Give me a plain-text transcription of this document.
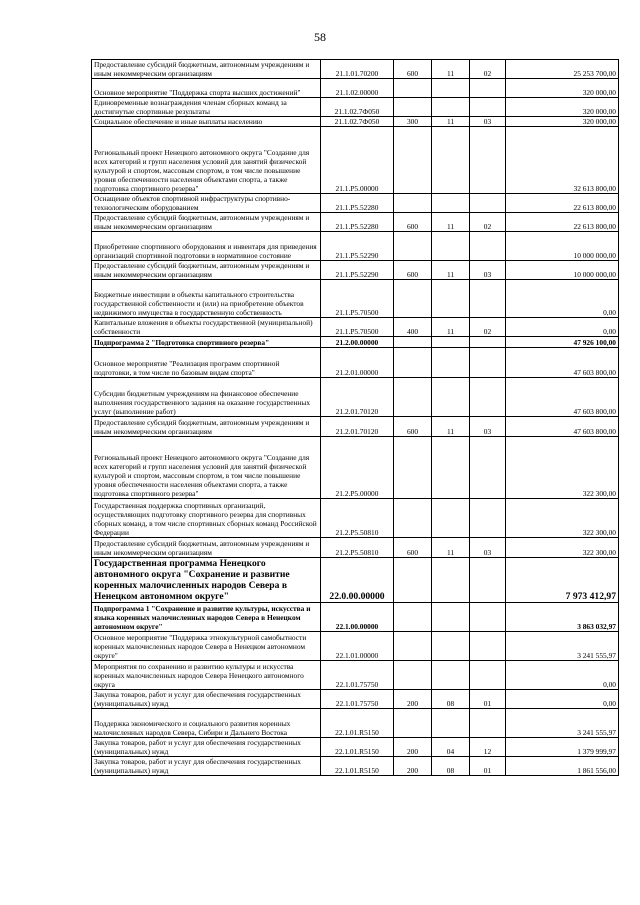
58
Предоставление субсидий бюджетным, автономным учреждениям и иным некоммерческим организациям	21.1.01.70200	600	11	02	25 253 700,00
Основное мероприятие "Поддержка спорта высших достижений"	21.1.02.00000				320 000,00
Единовременные вознаграждения членам сборных команд за достигнутые спортивные результаты	21.1.02.7Ф050				320 000,00
Социальное обеспечение и иные выплаты населению	21.1.02.7Ф050	300	11	03	320 000,00
Региональный проект Ненецкого автономного округа "Создание для всех категорий и групп населения условий для занятий физической культурой и спортом, массовым спортом, в том числе повышение уровня обеспеченности населения объектами спорта, а также подготовка спортивного резерва"	21.1.P5.00000				32 613 800,00
Оснащение объектов спортивной инфраструктуры спортивно-технологическим оборудованием	21.1.P5.52280				22 613 800,00
Предоставление субсидий бюджетным, автономным учреждениям и иным некоммерческим организациям	21.1.P5.52280	600	11	02	22 613 800,00
Приобретение спортивного оборудования и инвентаря для приведения организаций спортивной подготовки в нормативное состояние	21.1.P5.52290				10 000 000,00
Предоставление субсидий бюджетным, автономным учреждениям и иным некоммерческим организациям	21.1.P5.52290	600	11	03	10 000 000,00
Бюджетные инвестиции в объекты капитального строительства государственной собственности и (или) на приобретение объектов недвижимого имущества в государственную собственность	21.1.P5.70500				0,00
Капитальные вложения в объекты государственной (муниципальной) собственности	21.1.P5.70500	400	11	02	0,00
Подпрограмма 2 "Подготовка спортивного резерва"	21.2.00.00000				47 926 100,00
Основное мероприятие "Реализация программ спортивной подготовки, в том числе по базовым видам спорта"	21.2.01.00000				47 603 800,00
Субсидии бюджетным учреждениям на финансовое обеспечение выполнения государственного задания на оказание государственных услуг (выполнение работ)	21.2.01.70120				47 603 800,00
Предоставление субсидий бюджетным, автономным учреждениям и иным некоммерческим организациям	21.2.01.70120	600	11	03	47 603 800,00
Региональный проект Ненецкого автономного округа "Создание для всех категорий и групп населения условий для занятий физической культурой и спортом, массовым спортом, в том числе повышение уровня обеспеченности населения объектами спорта, а также подготовка спортивного резерва"	21.2.P5.00000				322 300,00
Государственная поддержка спортивных организаций, осуществляющих подготовку спортивного резерва для спортивных сборных команд, в том числе спортивных сборных команд Российской Федерации	21.2.P5.50810				322 300,00
Предоставление субсидий бюджетным, автономным учреждениям и иным некоммерческим организациям	21.2.P5.50810	600	11	03	322 300,00
Государственная программа Ненецкого автономного округа "Сохранение и развитие коренных малочисленных народов Севера в Ненецком автономном округе"	22.0.00.00000				7 973 412,97
Подпрограмма 1 "Сохранение и развитие культуры, искусства и языка коренных малочисленных народов Севера в Ненецком автономном округе"	22.1.00.00000				3 863 032,97
Основное мероприятие "Поддержка этнокультурной самобытности коренных малочисленных народов Севера в Ненецком автономном округе"	22.1.01.00000				3 241 555,97
Мероприятия по сохранению и развитию культуры и искусства коренных малочисленных народов Севера Ненецкого автономного округа	22.1.01.75750				0,00
Закупка товаров, работ и услуг для обеспечения государственных (муниципальных) нужд	22.1.01.75750	200	08	01	0,00
Поддержка экономического и социального развития коренных малочисленных народов Севера, Сибири и Дальнего Востока	22.1.01.R5150				3 241 555,97
Закупка товаров, работ и услуг для обеспечения государственных (муниципальных) нужд	22.1.01.R5150	200	04	12	1 379 999,97
Закупка товаров, работ и услуг для обеспечения государственных (муниципальных) нужд	22.1.01.R5150	200	08	01	1 861 556,00
